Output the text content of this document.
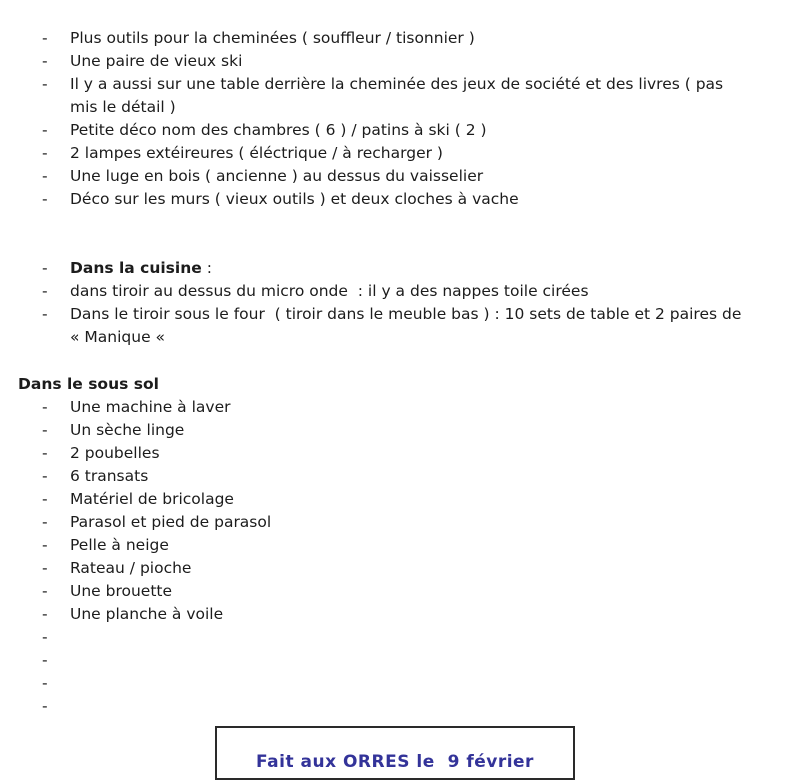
-	Plus outils pour la cheminées ( souffleur / tisonnier )
-	Une paire de vieux ski
-	Il y a aussi sur une table derrière la cheminée des jeux de société et des livres ( pas mis le détail )
-	Petite déco nom des chambres ( 6 ) / patins à ski ( 2 )
-	2 lampes extéireures ( éléctrique / à recharger )
-	Une luge en bois ( ancienne ) au dessus du vaisselier
-	Déco sur les murs ( vieux outils ) et deux cloches à vache
-	Dans la cuisine :
-	dans tiroir au dessus du micro onde  : il y a des nappes toile cirées
-	Dans le tiroir sous le four  ( tiroir dans le meuble bas ) : 10 sets de table et 2 paires de « Manique «
Dans le sous sol
-	Une machine à laver
-	Un sèche linge
-	2 poubelles
-	6 transats
-	Matériel de bricolage
-	Parasol et pied de parasol
-	Pelle à neige
-	Rateau / pioche
-	Une brouette
-	Une planche à voile
-
-
-
-
Fait aux ORRES le  9 février
